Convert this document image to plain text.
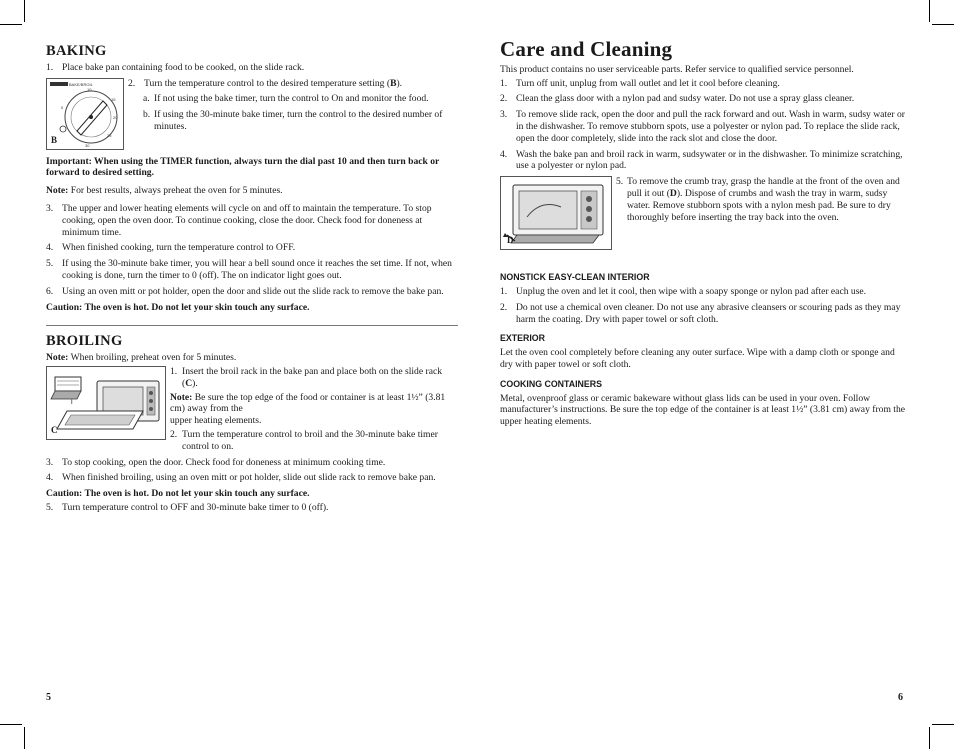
BAKING
1. Place bake pan containing food to be cooked, on the slide rack.
BAKE/BROIL
0
10
15
20
25
30
B
2. Turn the temperature control to the desired temperature setting (B).
a. If not using the bake timer, turn the control to On and monitor the food.
b. If using the 30-minute bake timer, turn the control to the desired number of minutes.

Important: When using the TIMER function, always turn the dial past 10 and then turn back or forward to desired setting.

Note: For best results, always preheat the oven for 5 minutes.

3. The upper and lower heating elements will cycle on and off to maintain the temperature. To stop cooking, open the oven door. To continue cooking, close the door. Check food for doneness at minimum time.
4. When finished cooking, turn the temperature control to OFF.
5. If using the 30-minute bake timer, you will hear a bell sound once it reaches the set time. If not, when cooking is done, turn the timer to 0 (off). The on indicator light goes out.
6. Using an oven mitt or pot holder, open the door and slide out the slide rack to remove the bake pan.

Caution: The oven is hot. Do not let your skin touch any surface.

BROILING

Note: When broiling, preheat oven for 5 minutes.

I
C
1. Insert the broil rack in the bake pan and place both on the slide rack (C).

Note: Be sure the top edge of the food or container is at least 1½” (3.81 cm) away from the

upper heating elements.

2. Turn the temperature control to broil and the 30-minute bake timer control to on.
3. To stop cooking, open the door. Check food for doneness at minimum cooking time.
4. When finished broiling, using an oven mitt or pot holder, slide out slide rack to remove bake pan.

Caution: The oven is hot. Do not let your skin touch any surface.

5. Turn temperature control to OFF and 30-minute bake timer to 0 (off).
5
Care and Cleaning

This product contains no user serviceable parts. Refer service to qualified service personnel.

1. Turn off unit, unplug from wall outlet and let it cool before cleaning.
2. Clean the glass door with a nylon pad and sudsy water. Do not use a spray glass cleaner.
3. To remove slide rack, open the door and pull the rack forward and out. Wash in warm, sudsy water or in the dishwasher. To remove stubborn spots, use a polyester or nylon pad. To replace the slide rack, open the door completely, slide into the rack slot and close the door.
4. Wash the bake pan and broil rack in warm, sudsywater or in the dishwasher. To minimize scratching, use a polyester or nylon pad.
D
5. To remove the crumb tray, grasp the handle at the front of the oven and pull it out (D). Dispose of crumbs and wash the tray in warm, sudsy water. Remove stubborn spots with a nylon mesh pad. Be sure to dry thoroughly before inserting the tray back into the oven.
NONSTICK EASY-CLEAN INTERIOR
1. Unplug the oven and let it cool, then wipe with a soapy sponge or nylon pad after each use.
2. Do not use a chemical oven cleaner. Do not use any abrasive cleansers or scouring pads as they may harm the coating. Dry with paper towel or soft cloth.
EXTERIOR

Let the oven cool completely before cleaning any outer surface. Wipe with a damp cloth or sponge and dry with paper towel or soft cloth.

COOKING CONTAINERS

Metal, ovenproof glass or ceramic bakeware without glass lids can be used in your oven. Follow manufacturer’s instructions. Be sure the top edge of the container is at least 1½” (3.81 cm) away from the upper heating elements.

6
